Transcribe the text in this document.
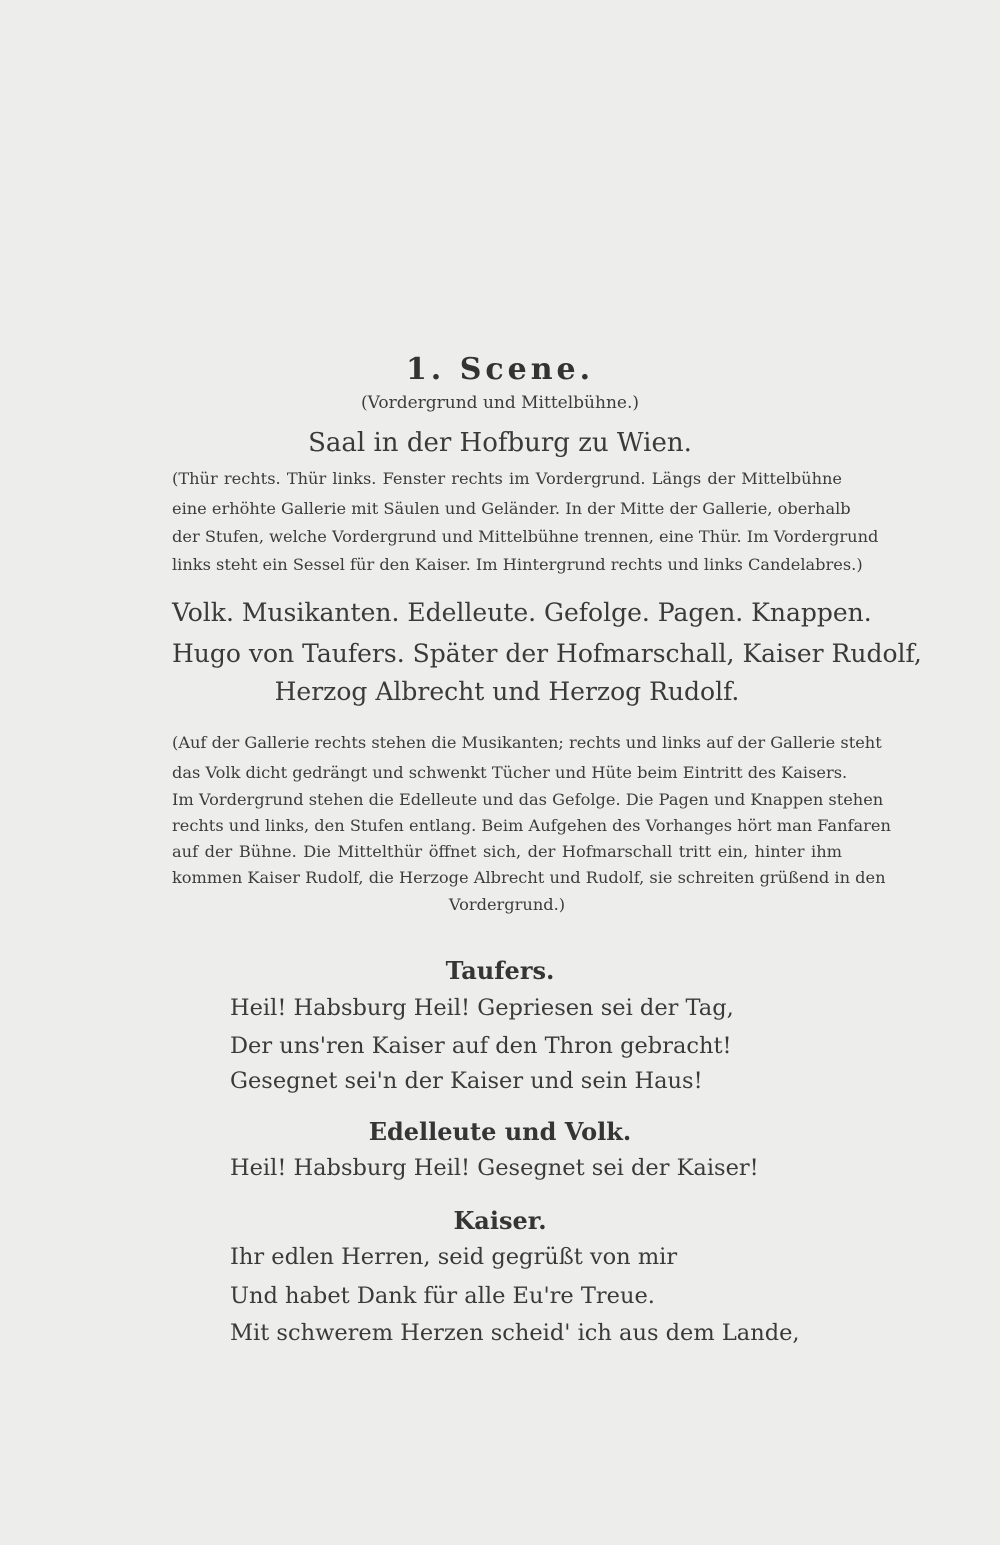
1. Scene.
(Vordergrund und Mittelbühne.)
Saal in der Hofburg zu Wien.
(Thür rechts. Thür links. Fenster rechts im Vordergrund. Längs der Mittelbühne
eine erhöhte Gallerie mit Säulen und Geländer. In der Mitte der Gallerie, oberhalb
der Stufen, welche Vordergrund und Mittelbühne trennen, eine Thür. Im Vordergrund
links steht ein Sessel für den Kaiser. Im Hintergrund rechts und links Candelabres.)
Volk. Musikanten. Edelleute. Gefolge. Pagen. Knappen.
Hugo von Taufers. Später der Hofmarschall, Kaiser Rudolf,
Herzog Albrecht und Herzog Rudolf.
(Auf der Gallerie rechts stehen die Musikanten; rechts und links auf der Gallerie steht
das Volk dicht gedrängt und schwenkt Tücher und Hüte beim Eintritt des Kaisers.
Im Vordergrund stehen die Edelleute und das Gefolge. Die Pagen und Knappen stehen
rechts und links, den Stufen entlang. Beim Aufgehen des Vorhanges hört man Fanfaren
auf der Bühne. Die Mittelthür öffnet sich, der Hofmarschall tritt ein, hinter ihm
kommen Kaiser Rudolf, die Herzoge Albrecht und Rudolf, sie schreiten grüßend in den
Vordergrund.)
Taufers.
Heil! Habsburg Heil! Gepriesen sei der Tag,
Der uns'ren Kaiser auf den Thron gebracht!
Gesegnet sei'n der Kaiser und sein Haus!
Edelleute und Volk.
Heil! Habsburg Heil! Gesegnet sei der Kaiser!
Kaiser.
Ihr edlen Herren, seid gegrüßt von mir
Und habet Dank für alle Eu're Treue.
Mit schwerem Herzen scheid' ich aus dem Lande,
